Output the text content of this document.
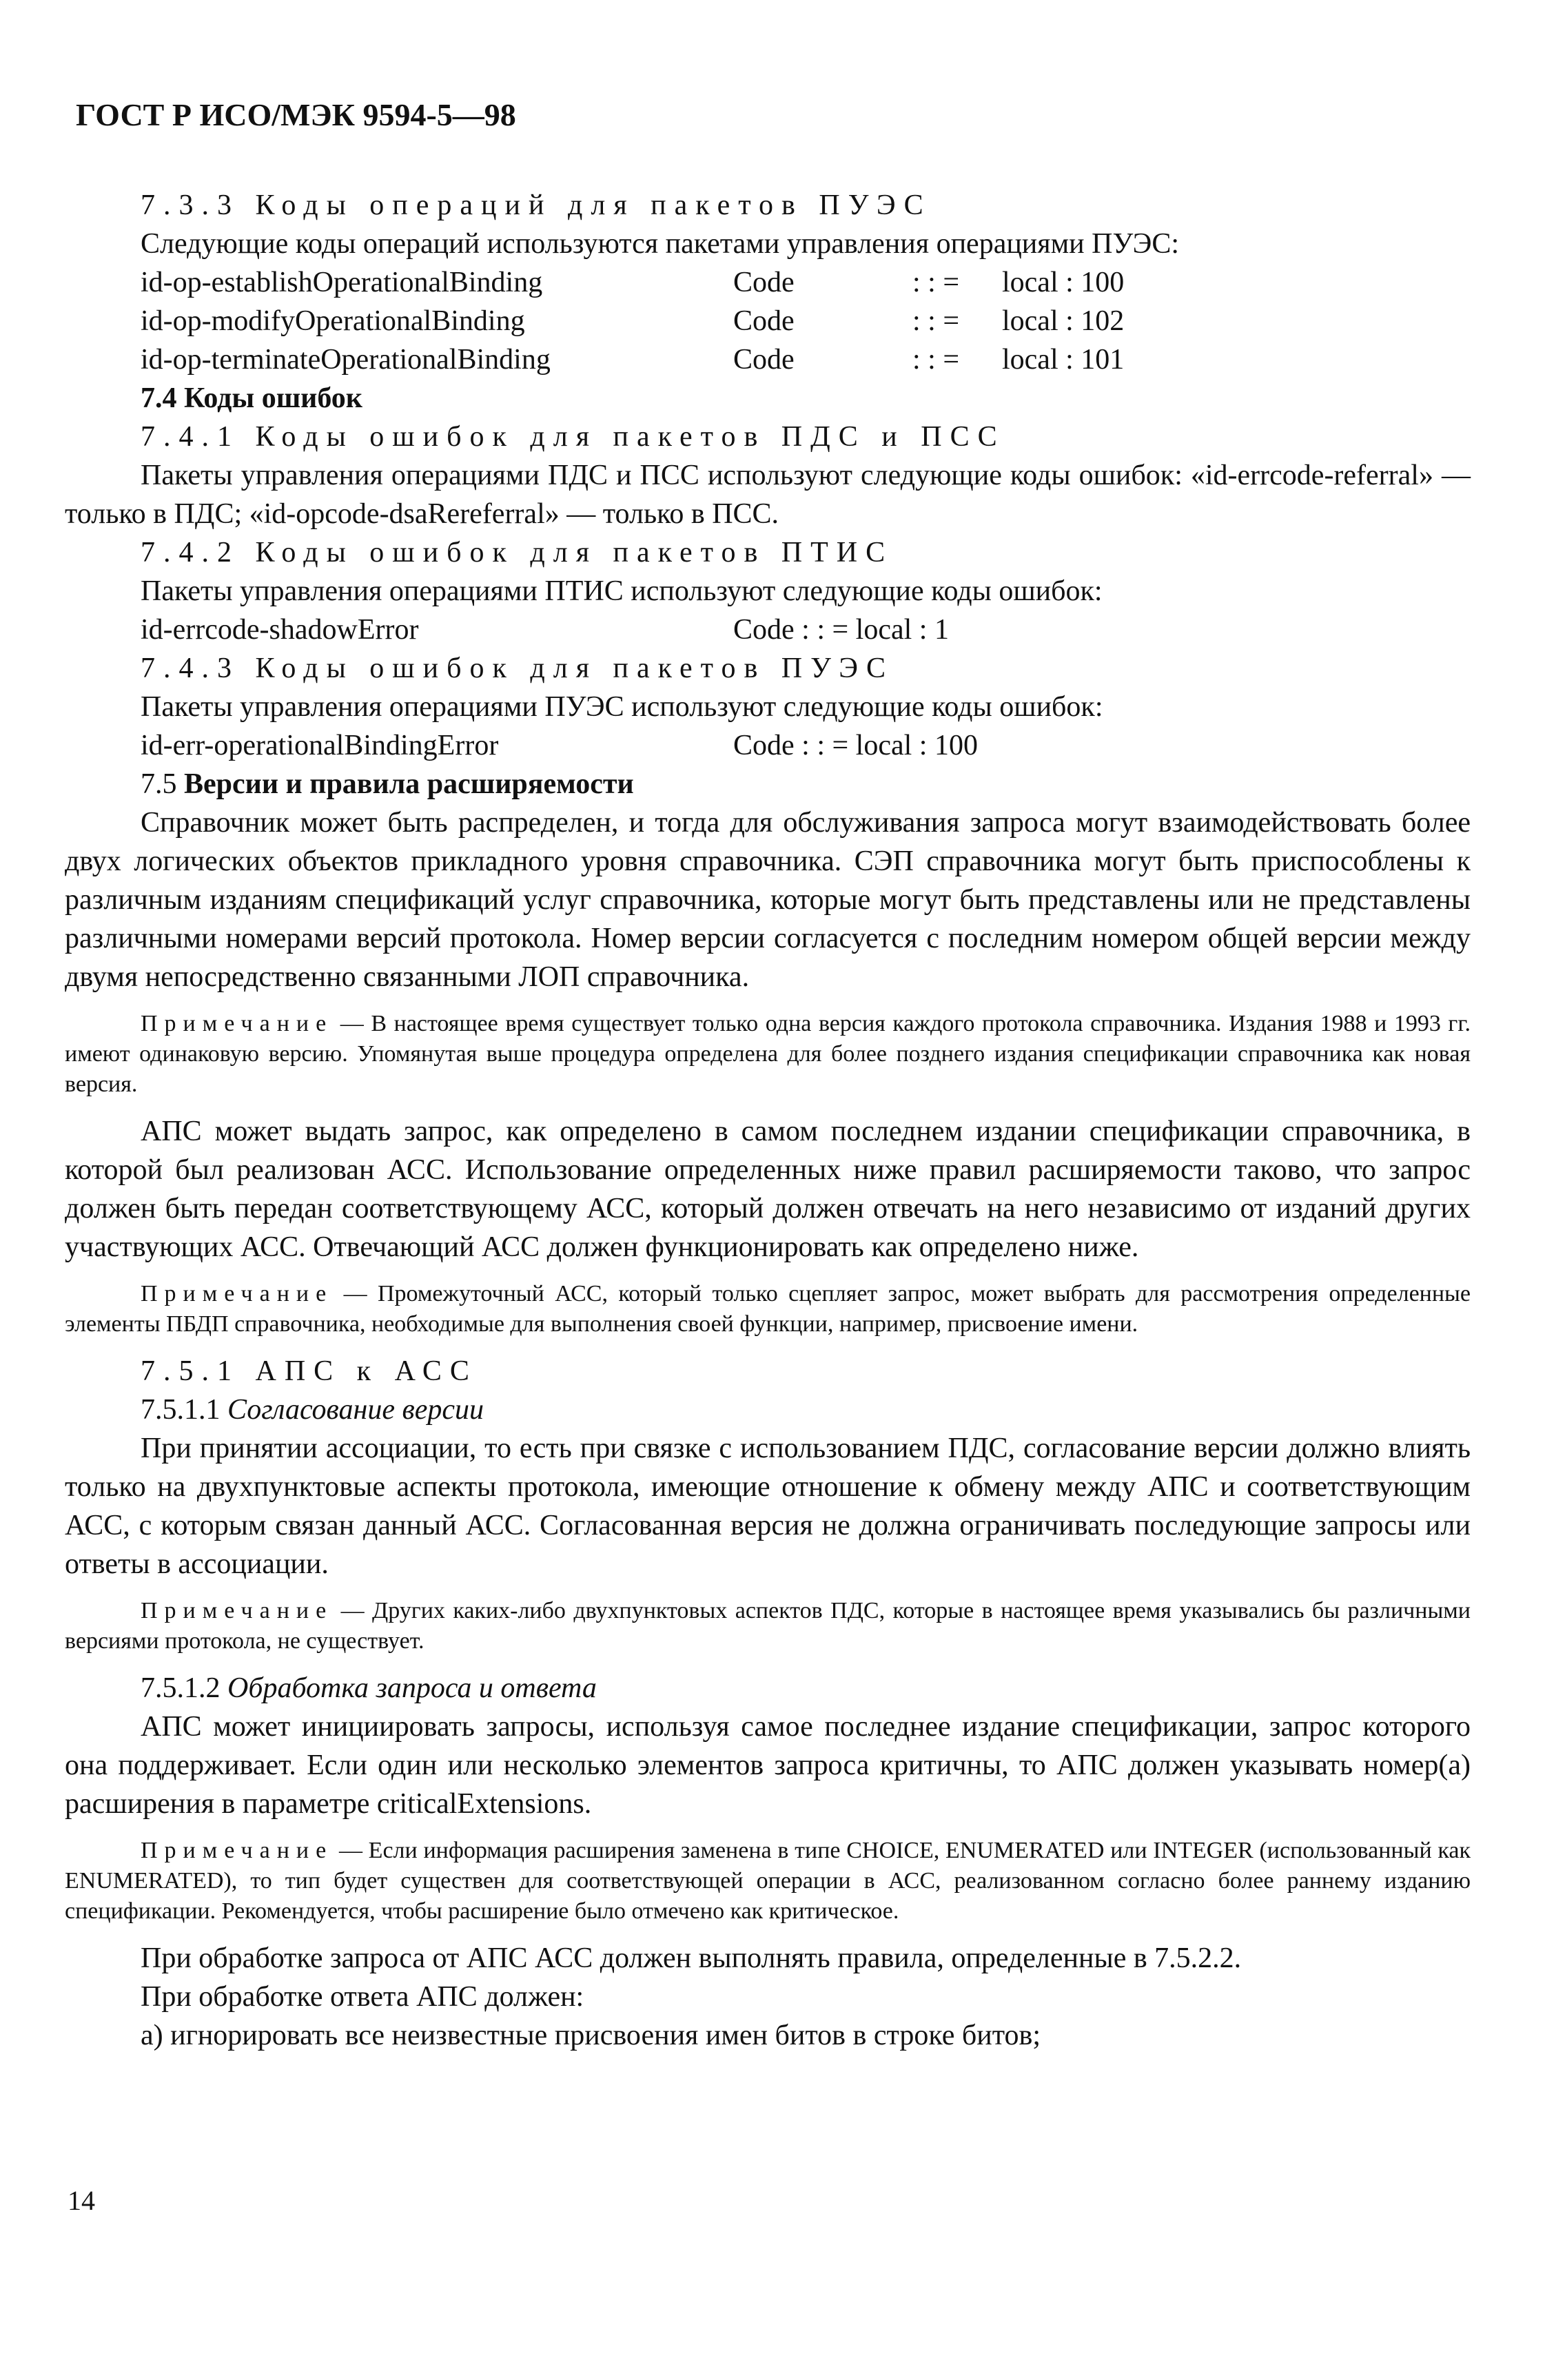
ГОСТ Р ИСО/МЭК 9594-5—98

7.3.3 Коды операций для пакетов ПУЭС

Следующие коды операций используются пакетами управления операциями ПУЭС:

id-op-establishOperationalBinding	Code	: : =	local : 100
id-op-modifyOperationalBinding	Code	: : =	local : 102
id-op-terminateOperationalBinding	Code	: : =	local : 101

7.4 Коды ошибок

7.4.1 Коды ошибок для пакетов ПДС и ПСС

Пакеты управления операциями ПДС и ПСС используют следующие коды ошибок: «id-errcode-referral» — только в ПДС; «id-opcode-dsaRereferral» — только в ПСС.

7.4.2 Коды ошибок для пакетов ПТИС

Пакеты управления операциями ПТИС используют следующие коды ошибок:

id-errcode-shadowError	Code : : = local : 1

7.4.3 Коды ошибок для пакетов ПУЭС

Пакеты управления операциями ПУЭС используют следующие коды ошибок:

id-err-operationalBindingError	Code : : = local : 100

7.5 Версии и правила расширяемости

Справочник может быть распределен, и тогда для обслуживания запроса могут взаимодействовать более двух логических объектов прикладного уровня справочника. СЭП справочника могут быть приспособлены к различным изданиям спецификаций услуг справочника, которые могут быть представлены или не представлены различными номерами версий протокола. Номер версии согласуется с последним номером общей версии между двумя непосредственно связанными ЛОП справочника.

Примечание — В настоящее время существует только одна версия каждого протокола справочника. Издания 1988 и 1993 гг. имеют одинаковую версию. Упомянутая выше процедура определена для более позднего издания спецификации справочника как новая версия.

АПС может выдать запрос, как определено в самом последнем издании спецификации справочника, в которой был реализован АСС. Использование определенных ниже правил расширяемости таково, что запрос должен быть передан соответствующему АСС, который должен отвечать на него независимо от изданий других участвующих АСС. Отвечающий АСС должен функционировать как определено ниже.

Примечание — Промежуточный АСС, который только сцепляет запрос, может выбрать для рассмотрения определенные элементы ПБДП справочника, необходимые для выполнения своей функции, например, присвоение имени.

7.5.1 АПС к АСС

7.5.1.1 Согласование версии

При принятии ассоциации, то есть при связке с использованием ПДС, согласование версии должно влиять только на двухпунктовые аспекты протокола, имеющие отношение к обмену между АПС и соответствующим АСС, с которым связан данный АСС. Согласованная версия не должна ограничивать последующие запросы или ответы в ассоциации.

Примечание — Других каких-либо двухпунктовых аспектов ПДС, которые в настоящее время указывались бы различными версиями протокола, не существует.

7.5.1.2 Обработка запроса и ответа

АПС может инициировать запросы, используя самое последнее издание спецификации, запрос которого она поддерживает. Если один или несколько элементов запроса критичны, то АПС должен указывать номер(а) расширения в параметре criticalExtensions.

Примечание — Если информация расширения заменена в типе CHOICE, ENUMERATED или INTEGER (использованный как ENUMERATED), то тип будет существен для соответствующей операции в АСС, реализованном согласно более раннему изданию спецификации. Рекомендуется, чтобы расширение было отмечено как критическое.

При обработке запроса от АПС АСС должен выполнять правила, определенные в 7.5.2.2.

При обработке ответа АПС должен:

а) игнорировать все неизвестные присвоения имен битов в строке битов;

14
